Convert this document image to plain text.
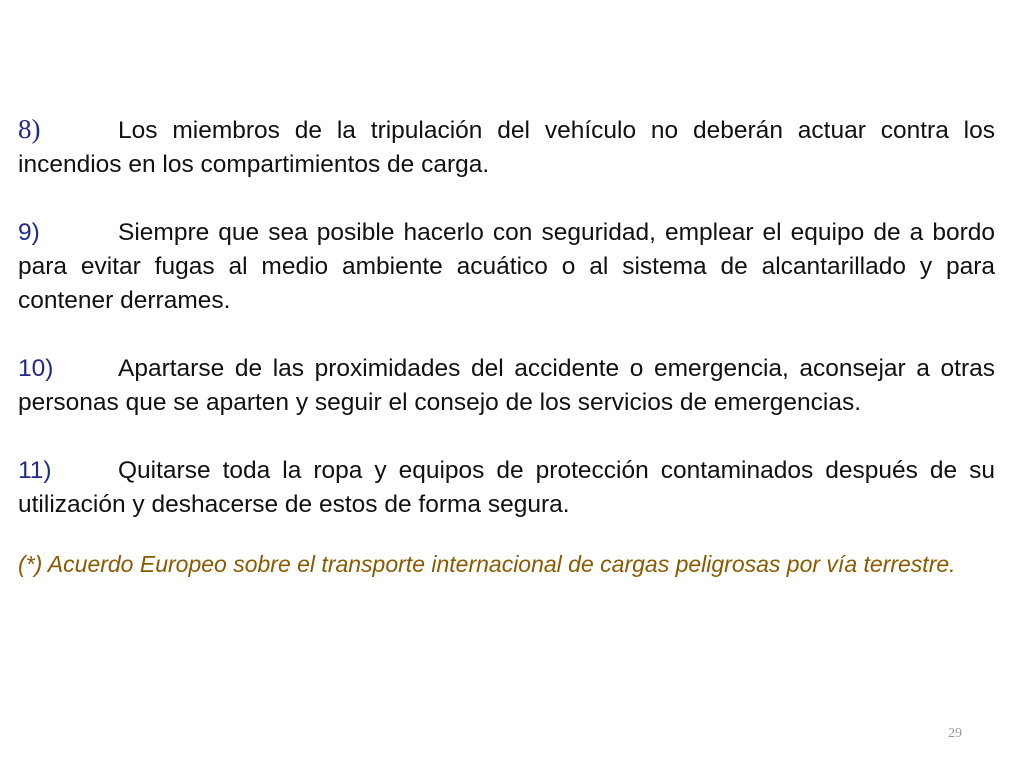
8)	Los miembros de la tripulación del vehículo no deberán actuar contra los incendios en los compartimientos de carga.

9)	Siempre que sea posible hacerlo con seguridad, emplear el equipo de a bordo para evitar fugas al medio ambiente acuático o al sistema de alcantarillado y para contener derrames.

10)	Apartarse de las proximidades del accidente o emergencia, aconsejar a otras personas que se aparten y seguir el consejo de los servicios de emergencias.

11)	Quitarse toda la ropa y equipos de protección contaminados después de su utilización y deshacerse de estos de forma segura.

(*) Acuerdo Europeo sobre el transporte internacional de cargas peligrosas por vía terrestre.

29
